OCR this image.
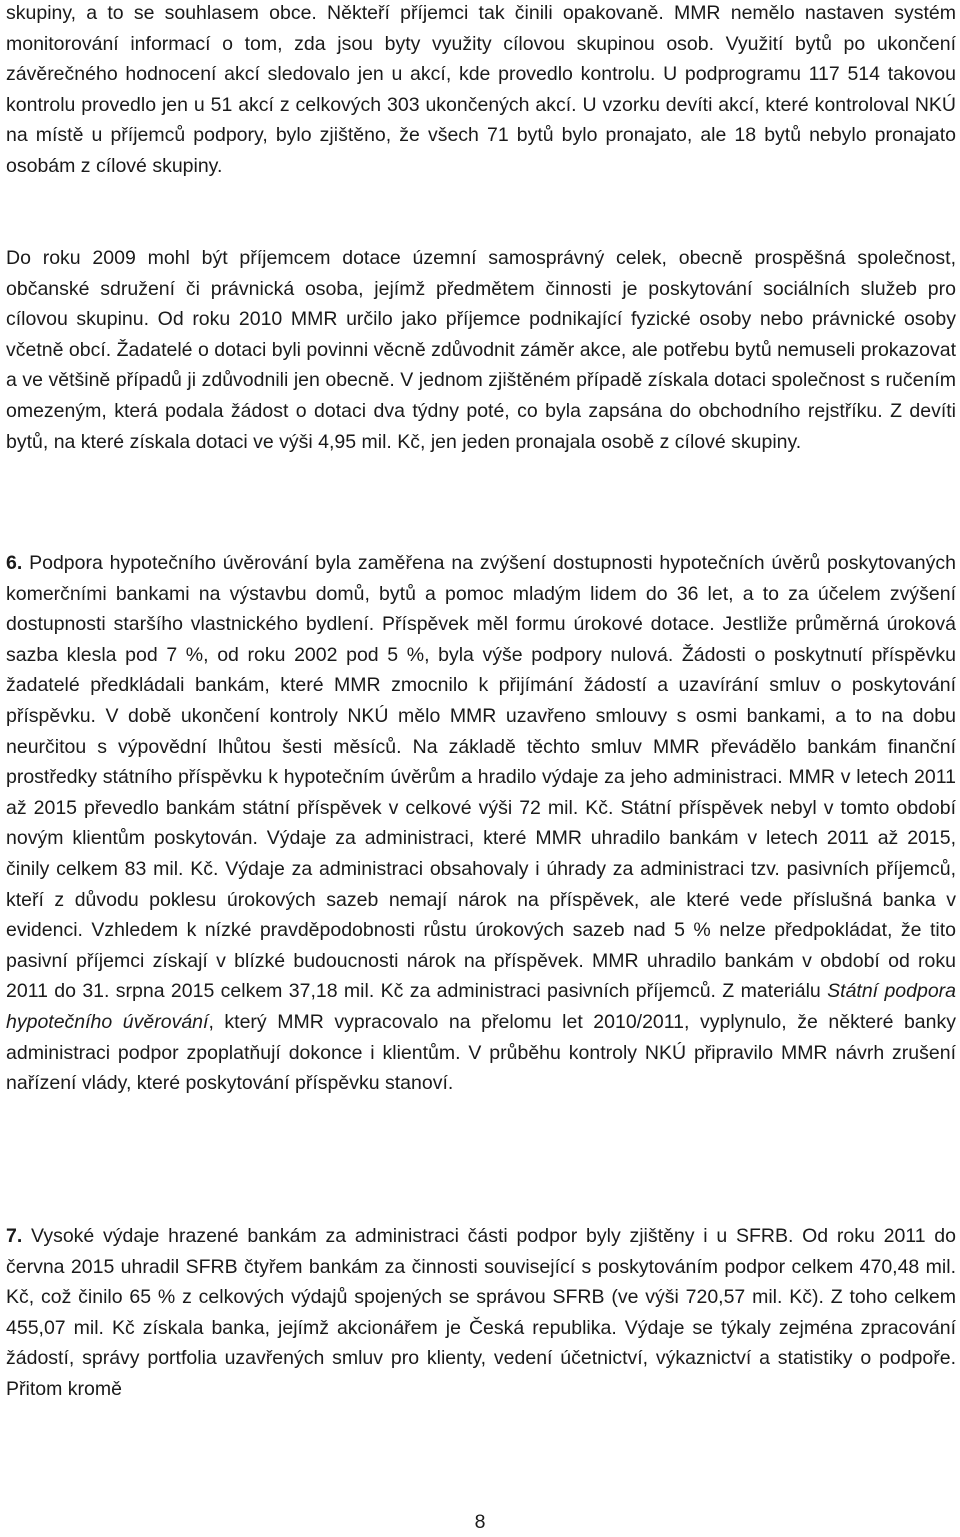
skupiny, a to se souhlasem obce. Někteří příjemci tak činili opakovaně. MMR nemělo nastaven systém monitorování informací o tom, zda jsou byty využity cílovou skupinou osob. Využití bytů po ukončení závěrečného hodnocení akcí sledovalo jen u akcí, kde provedlo kontrolu. U podprogramu 117 514 takovou kontrolu provedlo jen u 51 akcí z celkových 303 ukončených akcí. U vzorku devíti akcí, které kontroloval NKÚ na místě u příjemců podpory, bylo zjištěno, že všech 71 bytů bylo pronajato, ale 18 bytů nebylo pronajato osobám z cílové skupiny.

Do roku 2009 mohl být příjemcem dotace územní samosprávný celek, obecně prospěšná společnost, občanské sdružení či právnická osoba, jejímž předmětem činnosti je poskytování sociálních služeb pro cílovou skupinu. Od roku 2010 MMR určilo jako příjemce podnikající fyzické osoby nebo právnické osoby včetně obcí. Žadatelé o dotaci byli povinni věcně zdůvodnit záměr akce, ale potřebu bytů nemuseli prokazovat a ve většině případů ji zdůvodnili jen obecně. V jednom zjištěném případě získala dotaci společnost s ručením omezeným, která podala žádost o dotaci dva týdny poté, co byla zapsána do obchodního rejstříku. Z devíti bytů, na které získala dotaci ve výši 4,95 mil. Kč, jen jeden pronajala osobě z cílové skupiny.

6. Podpora hypotečního úvěrování byla zaměřena na zvýšení dostupnosti hypotečních úvěrů poskytovaných komerčními bankami na výstavbu domů, bytů a pomoc mladým lidem do 36 let, a to za účelem zvýšení dostupnosti staršího vlastnického bydlení. Příspěvek měl formu úrokové dotace. Jestliže průměrná úroková sazba klesla pod 7 %, od roku 2002 pod 5 %, byla výše podpory nulová. Žádosti o poskytnutí příspěvku žadatelé předkládali bankám, které MMR zmocnilo k přijímání žádostí a uzavírání smluv o poskytování příspěvku. V době ukončení kontroly NKÚ mělo MMR uzavřeno smlouvy s osmi bankami, a to na dobu neurčitou s výpovědní lhůtou šesti měsíců. Na základě těchto smluv MMR převádělo bankám finanční prostředky státního příspěvku k hypotečním úvěrům a hradilo výdaje za jeho administraci. MMR v letech 2011 až 2015 převedlo bankám státní příspěvek v celkové výši 72 mil. Kč. Státní příspěvek nebyl v tomto období novým klientům poskytován. Výdaje za administraci, které MMR uhradilo bankám v letech 2011 až 2015, činily celkem 83 mil. Kč. Výdaje za administraci obsahovaly i úhrady za administraci tzv. pasivních příjemců, kteří z důvodu poklesu úrokových sazeb nemají nárok na příspěvek, ale které vede příslušná banka v evidenci. Vzhledem k nízké pravděpodobnosti růstu úrokových sazeb nad 5 % nelze předpokládat, že tito pasivní příjemci získají v blízké budoucnosti nárok na příspěvek. MMR uhradilo bankám v období od roku 2011 do 31. srpna 2015 celkem 37,18 mil. Kč za administraci pasivních příjemců. Z materiálu Státní podpora hypotečního úvěrování, který MMR vypracovalo na přelomu let 2010/2011, vyplynulo, že některé banky administraci podpor zpoplatňují dokonce i klientům. V průběhu kontroly NKÚ připravilo MMR návrh zrušení nařízení vlády, které poskytování příspěvku stanoví.

7. Vysoké výdaje hrazené bankám za administraci části podpor byly zjištěny i u SFRB. Od roku 2011 do června 2015 uhradil SFRB čtyřem bankám za činnosti související s poskytováním podpor celkem 470,48 mil. Kč, což činilo 65 % z celkových výdajů spojených se správou SFRB (ve výši 720,57 mil. Kč). Z toho celkem 455,07 mil. Kč získala banka, jejímž akcionářem je Česká republika. Výdaje se týkaly zejména zpracování žádostí, správy portfolia uzavřených smluv pro klienty, vedení účetnictví, výkaznictví a statistiky o podpoře. Přitom kromě

8
